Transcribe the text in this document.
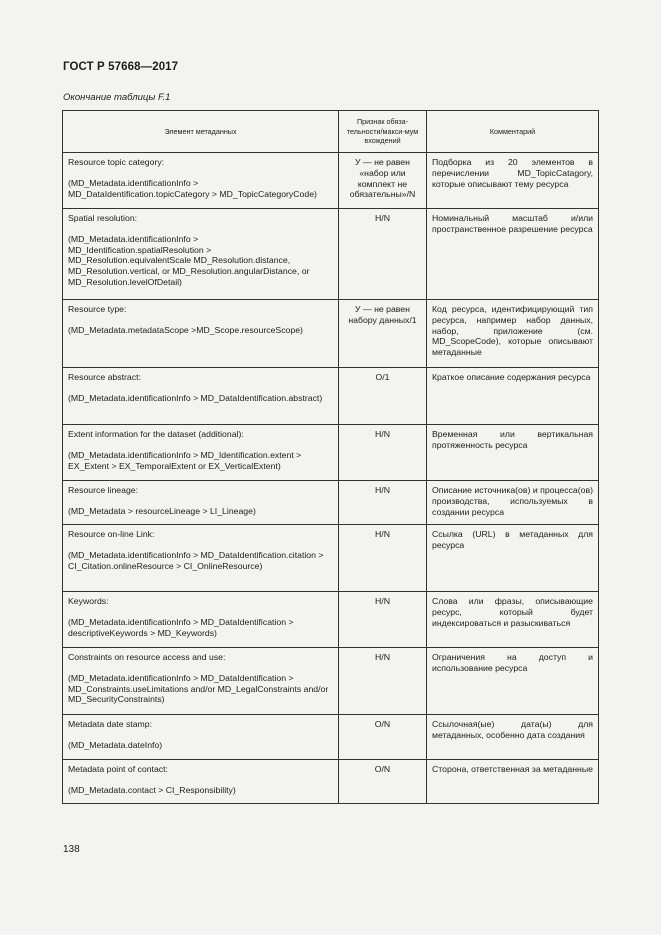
ГОСТ Р 57668—2017
Окончание таблицы F.1
Элемент метаданных	Признак обяза-тельности/макси-мум вхождений	Комментарий

Resource topic category:

(MD_Metadata.identificationInfo > MD_DataIdentification.topicCategory > MD_TopicCategoryCode)	У — не равен «набор или комплект не обязательны»/N	Подборка из 20 элементов в перечислении MD_TopicCatagory, которые описывают тему ресурса

Spatial resolution:

(MD_Metadata.identificationInfo > MD_Identification.spatialResolution > MD_Resolution.equivalentScale MD_Resolution.distance, MD_Resolution.vertical, or MD_Resolution.angularDistance, or MD_Resolution.levelOfDetail)	Н/N	Номинальный масштаб и/или пространственное разрешение ресурса

Resource type:

(MD_Metadata.metadataScope >MD_Scope.resourceScope)	У — не равен набору данных/1	Код ресурса, идентифицирующий тип ресурса, например набор данных, набор, приложение (см. MD_ScopeCode), которые описывают метаданные

Resource abstract:

(MD_Metadata.identificationInfo > MD_DataIdentification.abstract)	О/1	Краткое описание содержания ресурса

Extent information for the dataset (additional):

(MD_Metadata.identificationInfo > MD_Identification.extent > EX_Extent > EX_TemporalExtent or EX_VerticalExtent)	Н/N	Временная или вертикальная протяженность ресурса

Resource lineage:

(MD_Metadata > resourceLineage > LI_Lineage)	Н/N	Описание источника(ов) и процесса(ов) производства, используемых в создании ресурса

Resource on-line Link:

(MD_Metadata.identificationInfo > MD_DataIdentification.citation > CI_Citation.onlineResource > CI_OnlineResource)	Н/N	Ссылка (URL) в метаданных для ресурса

Keywords:

(MD_Metadata.identificationInfo > MD_DataIdentification > descriptiveKeywords > MD_Keywords)	Н/N	Слова или фразы, описывающие ресурс, который будет индексироваться и разыскиваться

Constraints on resource access and use:

(MD_Metadata.identificationInfo > MD_DataIdentification > MD_Constraints.useLimitations and/or MD_LegalConstraints and/or MD_SecurityConstraints)	Н/N	Ограничения на доступ и использование ресурса

Metadata date stamp:

(MD_Metadata.dateInfo)	О/N	Ссылочная(ые) дата(ы) для метаданных, особенно дата создания

Metadata point of contact:

(MD_Metadata.contact > CI_Responsibility)	О/N	Сторона, ответственная за метаданные
138
